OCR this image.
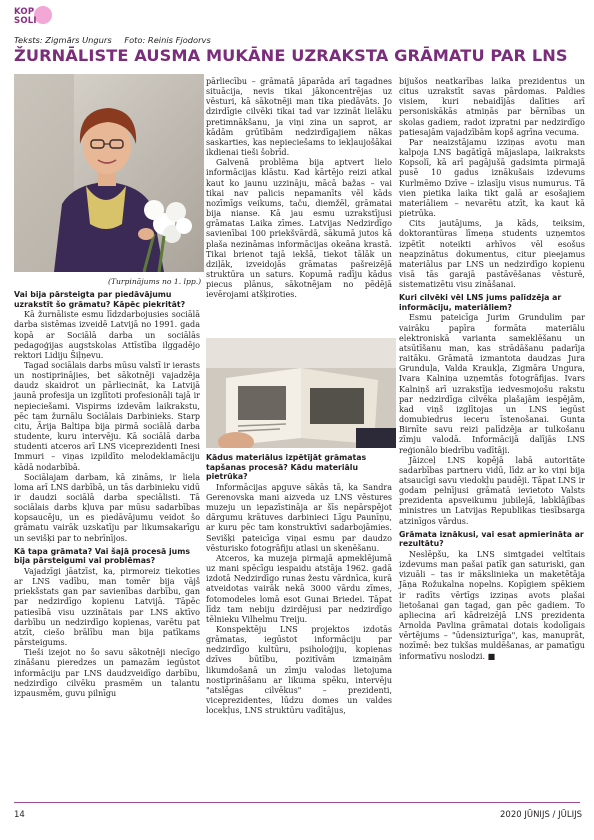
KOP SOLI
Teksts: Zigmārs Ungurs Foto: Reinis Fjodorvs
ŽURNĀLISTE AUSMA MUKĀNE UZRAKSTA GRĀMATU PAR LNS
(Turpinājums no 1. lpp.)
Vai bija pārsteigta par piedāvājumu uzrakstīt šo grāmatu? Kāpēc piekritāt?

Kā žurnāliste esmu līdzdarbojusies sociālā darba sistēmas izveidē Latvijā no 1991. gada kopā ar Sociālā darba un sociālās pedagoģijas augstskolas Attīstība ilggadējo rektori Lidiju Šiļņevu.

Tagad sociālais darbs mūsu valstī ir ierasts un nostiprinājies, bet sākotnēji vajadzēja daudz skaidrot un pārliecināt, ka Latvijā jaunā profesija un izglītoti profesionāļi tajā ir nepieciešami. Vispirms izdevām laikrakstu, pēc tam žurnālu Sociālais Darbinieks. Starp citu, Ārija Baltipa bija pirmā sociālā darba studente, kuru intervēju. Kā sociālā darba studenti atceros arī LNS viceprezidenti Inesi Immuri – viņas izpildīto melodeklamāciju kādā nodarbībā.

Sociālajam darbam, kā zināms, ir liela loma arī LNS darbībā, un tās darbinieku vidū ir daudzi sociālā darba speciālisti. Tā sociālais darbs kļuva par mūsu sadarbības kopsaucēju, un es piedāvājumu veidot šo grāmatu vairāk uzskatīju par likumsakarīgu un sevišķi par to nebrīnījos.

Kā tapa grāmata? Vai šajā procesā jums bija pārsteigumi vai problēmas?

Vajadzīgi jāatzīst, ka, pirmoreiz tiekoties ar LNS vadību, man tomēr bija vājš priekšstats gan par savienības darbību, gan par nedzirdīgo kopienu Latvijā. Tāpēc patiesībā visu uzzinātais par LNS aktīvo darbību un nedzirdīgo kopienas, varētu pat atzīt, ciešo brālību man bija patīkams pārsteigums.

Tieši izejot no šo savu sākotnēji niecīgo zināšanu pieredzes un pamazām iegūstot informāciju par LNS daudzveidīgo darbību, nedzirdīgo cilvēku prasmēm un talantu izpausmēm, guvu pilnīgu

pārliecību – grāmatā jāparāda arī tagadnes situācija, nevis tikai jākoncentrējas uz vēsturi, kā sākotnēji man tika piedāvāts. Jo dzirdīgie cilvēki tikai tad var izzināt lielāku pretimnākšanu, ja viņi zina un saprot, ar kādām grūtībām nedzirdīgajiem nākas saskarties, kas nepieciešams to iekļaujošākai ikdienai tieši šobrīd.

Galvenā problēma bija aptvert lielo informācijas klāstu. Kad kārtējo reizi atkal kaut ko jaunu uzzināju, mācā bažas – vai tikai nav palicis nepamanīts vēl kāds nozīmīgs veikums, taču, diemžēl, grāmatai bija nianse. Kā jau esmu uzrakstījusi grāmatas Laika zīmes. Latvijas Nedzirdīgo savienībai 100 priekšvārdā, sākumā jutos kā plaša nezināmas informācijas okeāna krastā. Tikai brienot tajā iekšā, tiekot tālāk un dziļāk, izveidojās grāmatas pašreizējā struktūra un saturs. Kopumā radīju kādus piecus plānus, sākotnējam no pēdējā ievērojami atšķiroties.

Kādus materiālus izpētījāt grāmatas tapšanas procesā? Kādu materiālu pietrūka?

Informācijas apguve sākās tā, ka Sandra Gerenovska mani aizveda uz LNS vēstures muzeju un iepazīstināja ar šīs nepārspējot dārgumu krātuves darbinieci Līgu Paunīņu, ar kuru pēc tam konstruktīvi sadarbojāmies. Sevišķi pateicīga viņai esmu par daudzo vēsturisko fotogrāfiju atlasi un skenēšanu.

Atceros, ka muzeja pirmajā apmeklējumā uz mani spēcīgu iespaidu atstāja 1962. gadā izdotā Nedzirdīgo runas žestu vārdnīca, kurā atveidotas vairāk nekā 3000 vārdu zīmes, fotomodeles lomā esot Gunai Briedei. Tāpat līdz tam nebiju dzirdējusi par nedzirdīgo tēlnieku Vilhelmu Treiju.

Konspektēju LNS projektos izdotās grāmatas, iegūstot informāciju par nedzirdīgo kultūru, psiholoģiju, kopienas dzīves būtību, pozitīvām izmaiņām likumdošanā un zīmju valodas lietojuma nostiprināšanu ar likuma spēku, intervēju "atslēgas cilvēkus" – prezidenti, viceprezidentes, lūdzu domes un valdes locekļus, LNS struktūru vadītājus,

bijušos neatkarības laika prezidentus un citus uzrakstīt savas pārdomas. Paldies visiem, kuri nebaidījās dalīties arī personiskākās atmiņās par bērnības un skolas gadiem, radot izpratni par nedzirdīgo patiesajām vajadzībām kopš agrīna vecuma.

Par neaizstājamu izziņas avotu man kalpoja LNS bagātīgā mājaslapa, laikraksts Kopsolī, kā arī pagājušā gadsimta pirmajā pusē 10 gadus iznākušais izdevums Kurlmēmo Dzīve – izlasīju visus numurus. Tā vien pietika laika tikt galā ar esošajiem materiāliem – nevarētu atzīt, ka kaut kā pietrūka.

Cits jautājums, ja kāds, teiksim, doktorantūras līmeņa students uzņemtos izpētīt noteikti arhīvos vēl esošus neapzinātus dokumentus, citur pieejamus materiālus par LNS un nedzirdīgo kopienu visā tās garajā pastāvēšanas vēsturē, sistematizētu visu zināšanai.

Kuri cilvēki vēl LNS jums palīdzēja ar informāciju, materiāliem?

Esmu pateicīga Jurim Grundulim par vairāku papīra formāta materiālu elektroniskā varianta sameklēšanu un atsūtīšanu man, kas strādāšanu padarīja raitāku. Grāmatā izmantota daudzas Jura Grunduļa, Valda Kraukļa, Zigmāra Ungura, Ivara Kalniņa uzņemtās fotogrāfijas. Ivars Kalniņš arī uzrakstīja iedvesmojošu rakstu par nedzirdīga cilvēka plašajām iespējām, kad viņš izglītojas un LNS iegūst domubiedrus ieceru īstenošanai. Gunta Birnīte savu reizi palīdzēja ar tulkošanu zīmju valodā. Informācijā dalījās LNS reģionālo biedrību vadītāji.

Jāizceļ LNS kopējā labā autoritāte sadarbības partneru vidū, līdz ar ko viņi bija atsaucīgi savu viedokļu paudēji. Tāpat LNS ir godam pelnījusi grāmatā ievietoto Valsts prezidenta apsveikumu jubilejā, labklājības ministres un Latvijas Republikas tiesībsarga atzinīgos vārdus.

Grāmata iznākusi, vai esat apmierināta ar rezultātu?

Neslēpšu, ka LNS simtgadei veltītais izdevums man pašai patīk gan saturiski, gan vizuāli – tas ir mākslinieka un maketētāja Jāņa Rožukalna nopelns. Kopīgiem spēkiem ir radīts vērtīgs izziņas avots plašai lietošanai gan tagad, gan pēc gadiem. To apliecina arī kādreizējā LNS prezidenta Arnolda Pavlina grāmatai dotais kodolīgais vērtējums – "ūdensizturīga", kas, manuprāt, nozīmē: bez tukšas muldēšanas, ar pamatīgu informatīvu noslodzi. ■

14	2020 JŪNIJS / JŪLIJS
